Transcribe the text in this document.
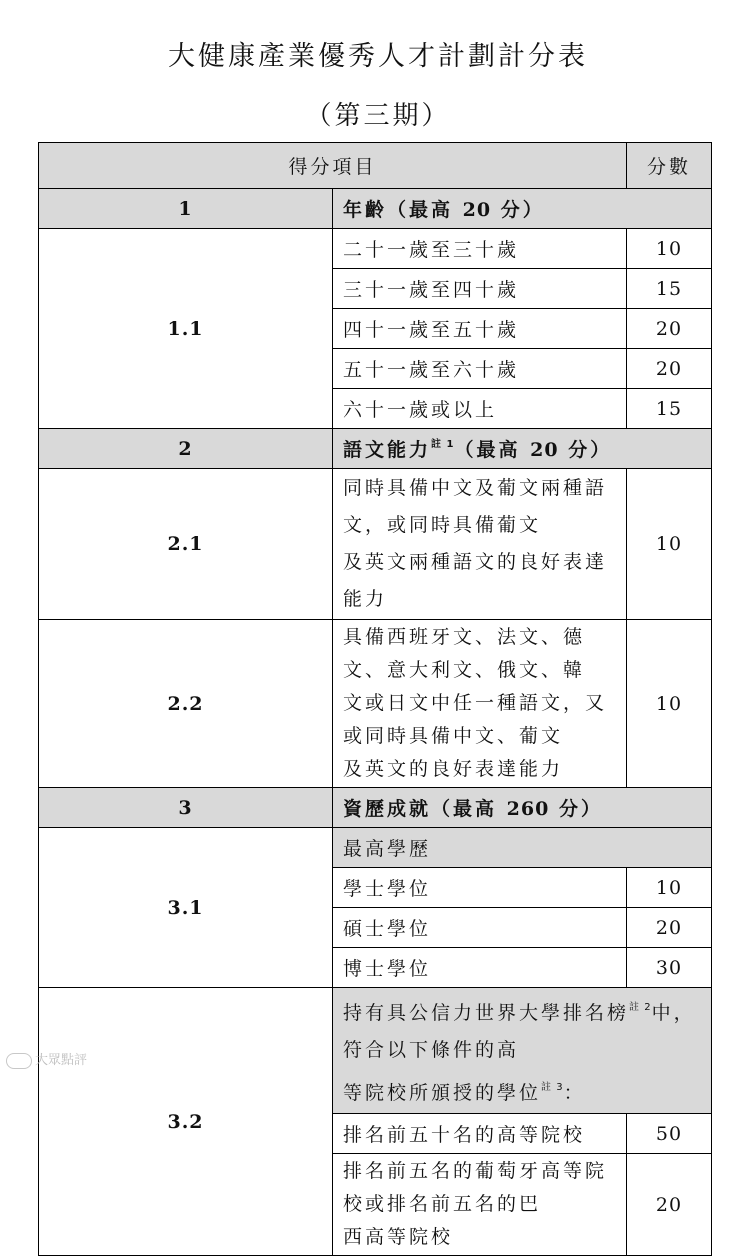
大健康產業優秀人才計劃計分表
（第三期）
得分項目		分數
1	年齡（最高 20 分）	
1.1	二十一歲至三十歲	10
	三十一歲至四十歲	15
	四十一歲至五十歲	20
	五十一歲至六十歲	20
	六十一歲或以上	15
2	語文能力$^{註 1}$（最高 20 分）	
2.1	同時具備中文及葡文兩種語文，或同時具備葡文
及英文兩種語文的良好表達能力	10
2.2	具備西班牙文、法文、德文、意大利文、俄文、韓
文或日文中任一種語文，又或同時具備中文、葡文
及英文的良好表達能力	10
3	資歷成就（最高 260 分）	
3.1	最高學歷	
	學士學位	10
	碩士學位	20
	博士學位	30
3.2	持有具公信力世界大學排名榜$^{註 2}$中，符合以下條件的高
等院校所頒授的學位$^{註 3}$：	
	排名前五十名的高等院校	50
	排名前五名的葡萄牙高等院校或排名前五名的巴
西高等院校	20
大眾點評
